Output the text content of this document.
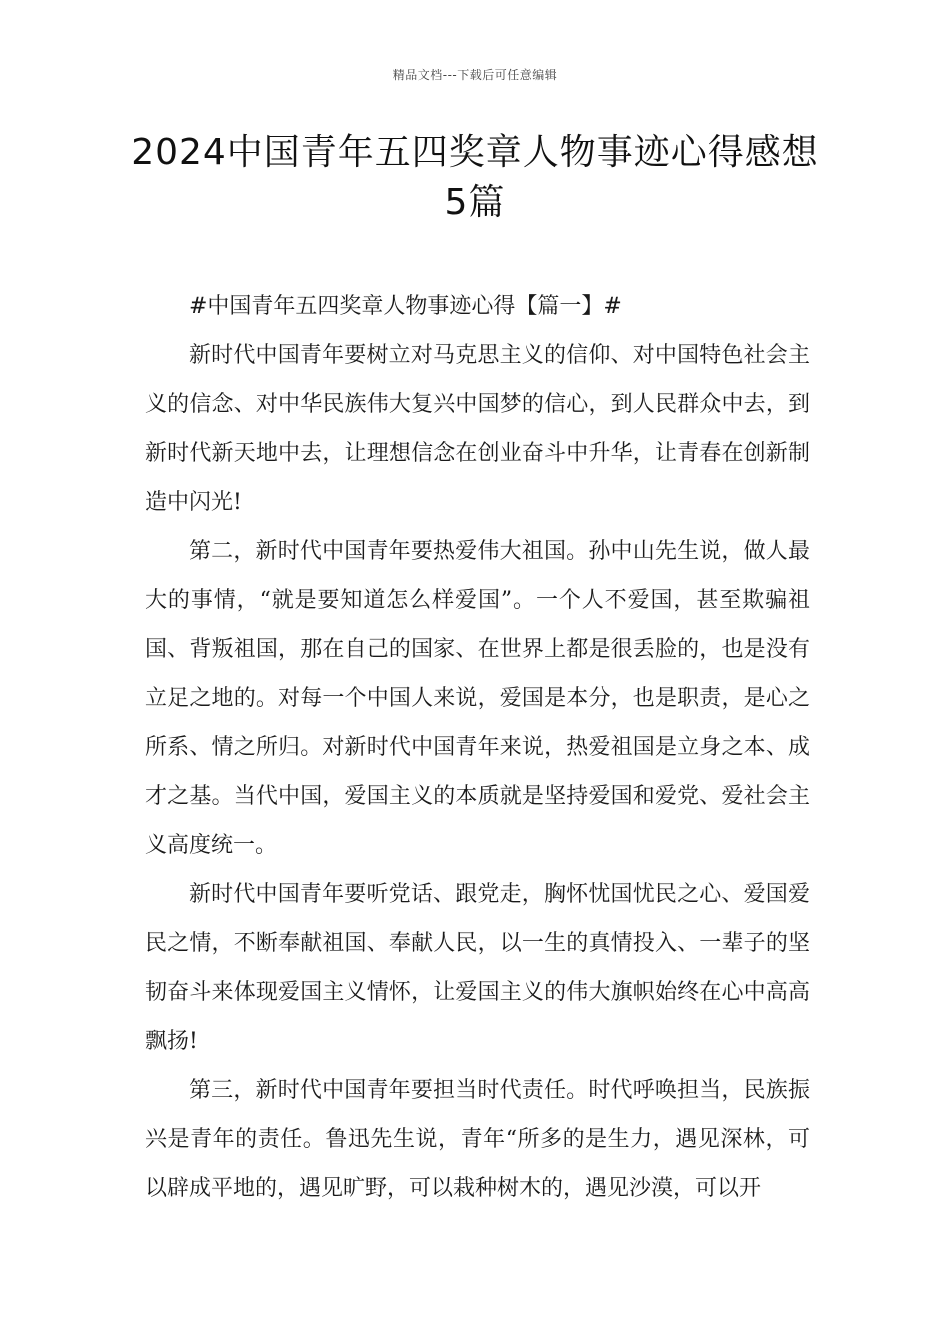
精品文档---下载后可任意编辑
2024中国青年五四奖章人物事迹心得感想5篇

#中国青年五四奖章人物事迹心得【篇一】#

新时代中国青年要树立对马克思主义的信仰、对中国特色社会主义的信念、对中华民族伟大复兴中国梦的信心，到人民群众中去，到新时代新天地中去，让理想信念在创业奋斗中升华，让青春在创新制造中闪光!

第二，新时代中国青年要热爱伟大祖国。孙中山先生说，做人最大的事情，“就是要知道怎么样爱国”。一个人不爱国，甚至欺骗祖国、背叛祖国，那在自己的国家、在世界上都是很丢脸的，也是没有立足之地的。对每一个中国人来说，爱国是本分，也是职责，是心之所系、情之所归。对新时代中国青年来说，热爱祖国是立身之本、成才之基。当代中国，爱国主义的本质就是坚持爱国和爱党、爱社会主义高度统一。

新时代中国青年要听党话、跟党走，胸怀忧国忧民之心、爱国爱民之情，不断奉献祖国、奉献人民，以一生的真情投入、一辈子的坚韧奋斗来体现爱国主义情怀，让爱国主义的伟大旗帜始终在心中高高飘扬!

第三，新时代中国青年要担当时代责任。时代呼唤担当，民族振兴是青年的责任。鲁迅先生说，青年“所多的是生力，遇见深林，可以辟成平地的，遇见旷野，可以栽种树木的，遇见沙漠，可以开
